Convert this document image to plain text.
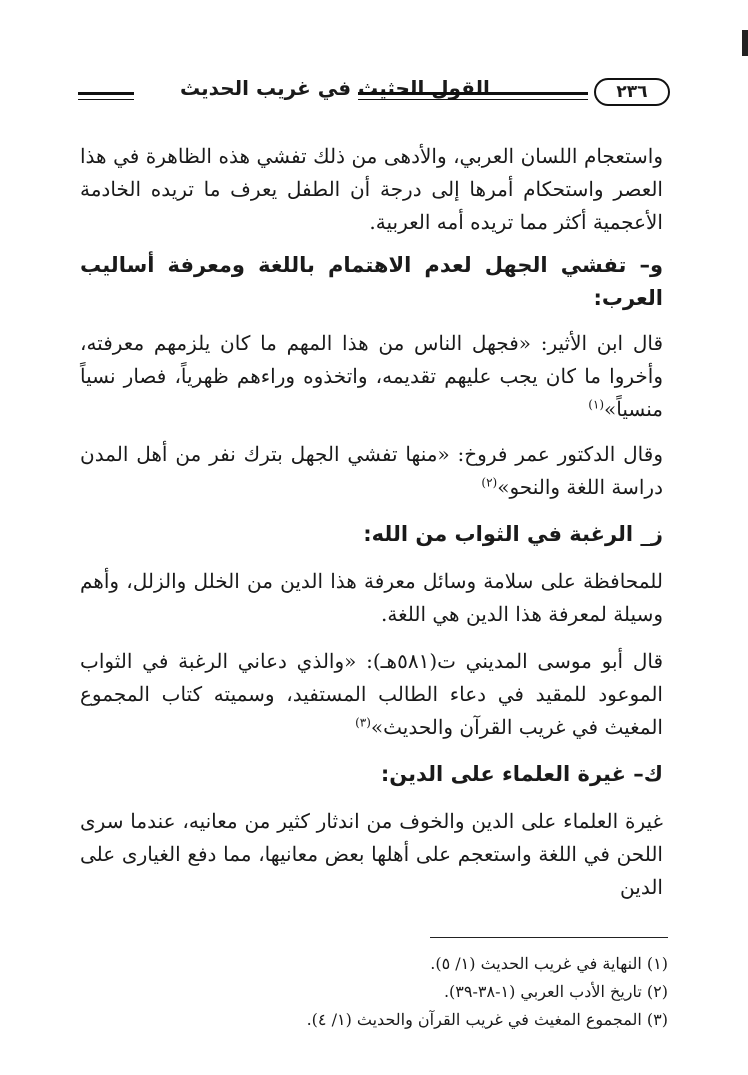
القول الحثيث في غريب الحديث	٢٣٦

واستعجام اللسان العربي، والأدهى من ذلك تفشي هذه الظاهرة في هذا العصر واستحكام أمرها إلى درجة أن الطفل يعرف ما تريده الخادمة الأعجمية أكثر مما تريده أمه العربية.

و– تفشي الجهل لعدم الاهتمام باللغة ومعرفة أساليب العرب:

قال ابن الأثير: «فجهل الناس من هذا المهم ما كان يلزمهم معرفته، وأخروا ما كان يجب عليهم تقديمه، واتخذوه وراءهم ظهرياً، فصار نسياً منسياً»$^{(١)}$

وقال الدكتور عمر فروخ: «منها تفشي الجهل بترك نفر من أهل المدن دراسة اللغة والنحو»$^{(٢)}$

ز_ الرغبة في الثواب من الله:

للمحافظة على سلامة وسائل معرفة هذا الدين من الخلل والزلل، وأهم وسيلة لمعرفة هذا الدين هي اللغة.

قال أبو موسى المديني ت(٥٨١هـ): «والذي دعاني الرغبة في الثواب الموعود للمقيد في دعاء الطالب المستفيد، وسميته كتاب المجموع المغيث في غريب القرآن والحديث»$^{(٣)}$

ك– غيرة العلماء على الدين:

غيرة العلماء على الدين والخوف من اندثار كثير من معانيه، عندما سرى اللحن في اللغة واستعجم على أهلها بعض معانيها، مما دفع الغيارى على الدين

(١) النهاية في غريب الحديث (١/ ٥).

(٢) تاريخ الأدب العربي (١-٣٨-٣٩).

(٣) المجموع المغيث في غريب القرآن والحديث (١/ ٤).
